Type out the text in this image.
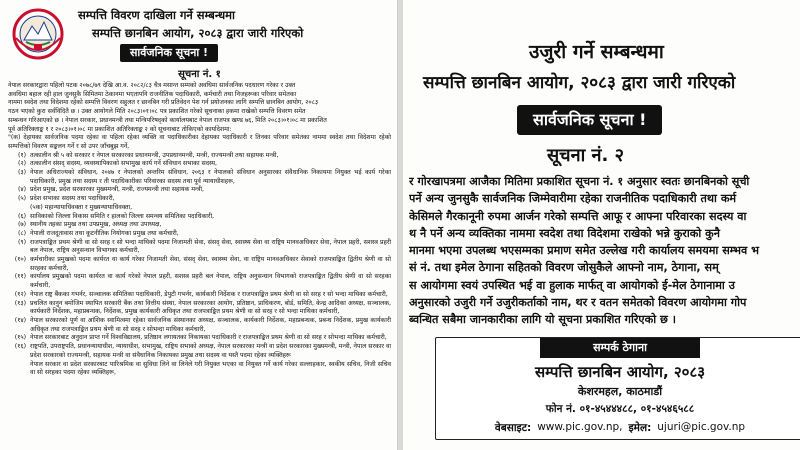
सम्पत्ति विवरण दाखिला गर्ने सम्बन्धमा
सम्पत्ति छानबिन आयोग, २०८३ द्वारा जारी गरिएको
सार्वजनिक सूचना !
सूचना नं. १

नेपाल सरकारद्वारा पहिलो पटक २०७८/७९ देखि आ.व. २०८२/८३ चैत्र मसान्त सम्मको अवधिमा सार्वजनिक पदधारण गरेका र उक्त

अवधिमा बहाल रही हाल जुनसुकै सिमितमा ठेकानमा भएतापनि राजनीतिक पदाधिकारी, कर्मचारी तथा निजहरूका परिवार समेतका

नाममा स्वदेश तथा विदेशमा रहेको सम्पत्ति विवरण सहुलत र छानबिन गरी प्रतिवेदन पेश गर्न प्रयोजनका लागि सम्पत्ति छानबिन आयोग, २०८३

गठन भएको कुरा सर्वविदितै छ । उक्त आयोगले मिति २०८३।०१।०८ पत्र प्रकाशित गरेको सूचनाका हकमा राखेको सम्पत्ति विवरण समेत

सम्बन्धन गरिआएको छ । नेपाल सरकार, प्रधानमन्त्री तथा मन्त्रिपरिषद्को कार्यालयबाट नेपाल राजपत्र खण्ड ७६, मिति २०८३।०१।०८ मा प्रकाशित

पूर्व अतिरिक्ताङ्क १ र २०८३।०१।०८ मा प्रकाशित अतिरिक्ताङ्क २ को सूचनाबाट तोकिएको कार्यादेशमा:

"(क) देहायका सार्वजनिक पदमा रहेका वा पहिला रहेका व्यक्ति वा पदाधिकारीका देहायका पदाधिकारी र तिनका परिवार समेतका नाममा स्वदेश तथा विदेशमा रहेको सम्पत्तिको विवरण सङ्कलन गर्ने र सो उपर जाँचबुझ गर्ने,

(१) तत्कालीन श्री ५ को सरकार र नेपाल सरकारका प्रधानमन्त्री, उपप्रधानमन्त्री, मन्त्री, राज्यमन्त्री तथा सहायक मन्त्री,
(२) तत्कालीन संसद् सदस्य, व्यवस्थापिकाको सभामुख कार्य गर्ने संविधान सभाका सदस्य,
(३) नेपाल अधिराज्यको संविधान, २०४७ र नेपालको अन्तरिम संविधान, २०६३ र नेपालको संविधान अनुसारका संवैधानिक निकायमा नियुक्त भई कार्य गरेका पदाधिकारी, प्रमुख तथा सदस्य र ती पदाधिकारीका परिवारका सदस्य तथा पूर्व न्यायाधीशहरू,
(४) प्रदेश प्रमुख, प्रदेश सरकारका मुख्यमन्त्री, मन्त्री, राज्यमन्त्री तथा सहायक मन्त्री,
(५) प्रदेश सभाका सदस्य तथा पदाधिकारी,
(५क) महान्यायाधिवक्ता र मुख्यन्यायाधिवक्ता,
(६) सावि‍काको जिल्ला विकास समिति र हालको जिल्ला समन्वय समितिका पदाधिकारी,
(७) स्थानीय तहका प्रमुख तथा उपप्रमुख, अध्यक्ष तथा उपाध्यक्ष,
(८) नेपाली राजदूतावास तथा कूटनीतिक नियोगका प्रमुख तथा कर्मचारी,
(९) राजपत्राङ्कित प्रथम श्रेणी वा सो सरह र सो भन्दा माथिको पदमा निजामती सेवा, संसद् सेवा, स्वास्थ्य सेवा वा राष्ट्रिय मानवअधिकार सेवा, नेपाल प्रहरी, सशस्त्र प्रहरी बल नेपाल, राष्ट्रिय अनुसन्धान विभागका कर्मचारी,
(१०) कर्मचारीका प्रमुखको पदमा कार्यरत वा कार्य गरेका निजामती सेवा, संसद् सेवा, स्वास्थ्य सेवा, वा राष्ट्रिय मानवअधिकार सेवाको राजपत्राङ्कित द्वितीय श्रेणी वा सो सरहका कर्मचारी,
(११) कार्यालय प्रमुखको पदमा कार्यरत वा कार्य गरेको नेपाल प्रहरी, सशस्त्र प्रहरी बल नेपाल, राष्ट्रिय अनुसन्धान विभागको राजपत्राङ्कित द्वितीय श्रेणी वा सो सरहका कर्मचारी,
(१२) नेपाल राष्ट्र बैंकका गभर्नर, सञ्चालक समितिका पदाधिकारी, डेपुटी गभर्नर, कार्यकारी निर्देशक र राजपत्राङ्कित प्रथम श्रेणी वा सो सरह र सो भन्दा माथिका कर्मचारी,
(१३) प्रचलित कानुन बमोजिम स्थापित सरकारी बैंक तथा वित्तीय संस्था, नेपाल सरकारका आयोग, प्रतिष्ठान, प्राधिकरण, बोर्ड, समिति, केन्द्र आदिका अध्यक्ष, सञ्चालक, कार्यकारी निर्देशक, महाप्रबन्धक, निर्देशक, प्रमुख कार्यकारी अधिकृत तथा राजपत्राङ्कित प्रथम श्रेणी वा सो सरह र सो भन्दा माथिका कर्मचारी,
(१४) नेपाल सरकारको पूर्ण वा आंशिक स्वामित्वमा रहेका सार्वजनिक संस्थानका अध्यक्ष, सञ्चालक, कार्यकारी निर्देशक, महाप्रबन्धक, प्रबन्ध निर्देशक, प्रमुख कार्यकारी अधिकृत तथा राजपत्राङ्कित प्रथम श्रेणी वा सो सरह र सोभन्दा माथिका कर्मचारी,
(१५) नेपाल सरकारबाट अनुदान प्राप्त गर्ने विश्वविद्यालय, प्रतिष्ठान लगायतका निकायका पदाधिकारी र राजपत्राङ्कित प्रथम श्रेणी वा सो सरह र सोभन्दा माथिका कर्मचारी,
(१६) राष्ट्रपति, उपराष्ट्रपति, प्रधानन्यायाधीश, न्यायाधीश, सभामुख, राष्ट्रिय सभाको अध्यक्ष, नेपाल सरकारका मन्त्री वा प्रदेश सरकारका मुख्यमन्त्री, मन्त्री, नेपाल सरकार वा प्रदेश सरकारको राज्यमन्त्री, सहायक मन्त्री वा संवैधानिक निकायका प्रमुख तथा सदस्य वा यस्तै पदमा रहेका व्यक्तिहरू
नेपाल सरकार वा प्रदेश सरकारबाट पारिश्रमिक वा सुविधा लिने वा लिनेले गरी नियुक्त भएका वा नियुक्त गर्ने कार्य गरेका सल्लाहकार, स्वकीय सचिव, निजी सचिव वा सो सरहका पदमा रहेका व्यक्तिहरू,
उजुरी गर्ने सम्बन्धमा
सम्पत्ति छानबिन आयोग, २०८३ द्वारा जारी गरिएको
सार्वजनिक सूचना !
सूचना नं. २
र गोरखापत्रमा आजैका मितिमा प्रकाशित सूचना नं. १ अनुसार स्वतः छानबिनको सूची
पर्ने अन्य जुनसुकै सार्वजनिक जिम्मेवारीमा रहेका राजनीतिक पदाधिकारी तथा कर्म
केसिमले गैरकानूनी रुपमा आर्जन गरेको सम्पत्ति आफू र आफ्ना परिवारका सदस्य वा
थ नै पर्ने अन्य व्यक्तिका नाममा स्वदेश तथा विदेशमा राखेको भन्ने कुराको कुनै
मानमा भएमा उपलब्ध भएसम्मका प्रमाण समेत उल्लेख गरी कार्यालय समयमा सम्भव भ
सं नं. तथा इमेल ठेगाना सहितको विवरण जोसुकैले आफ्नो नाम, ठेगाना, सम्
स आयोगमा स्वयं उपस्थित भई वा हुलाक मार्फत् वा आयोगको ई-मेल ठेगानामा उ
अनुसारको उजुरी गर्ने उजुरीकर्ताको नाम, थर र वतन समेतको विवरण आयोगमा गोप
ब्वन्धित सबैमा जानकारीका लागि यो सूचना प्रकाशित गरिएको छ ।
सम्पर्क ठेगाना
सम्पत्ति छानबिन आयोग, २०८३
केशरमहल, काठमाडौं
फोन नं. ०१-४५४४४८८, ०१-४५४६५८८
वेबसाइट: www.pic.gov.np, इमेल: ujuri@pic.gov.np
